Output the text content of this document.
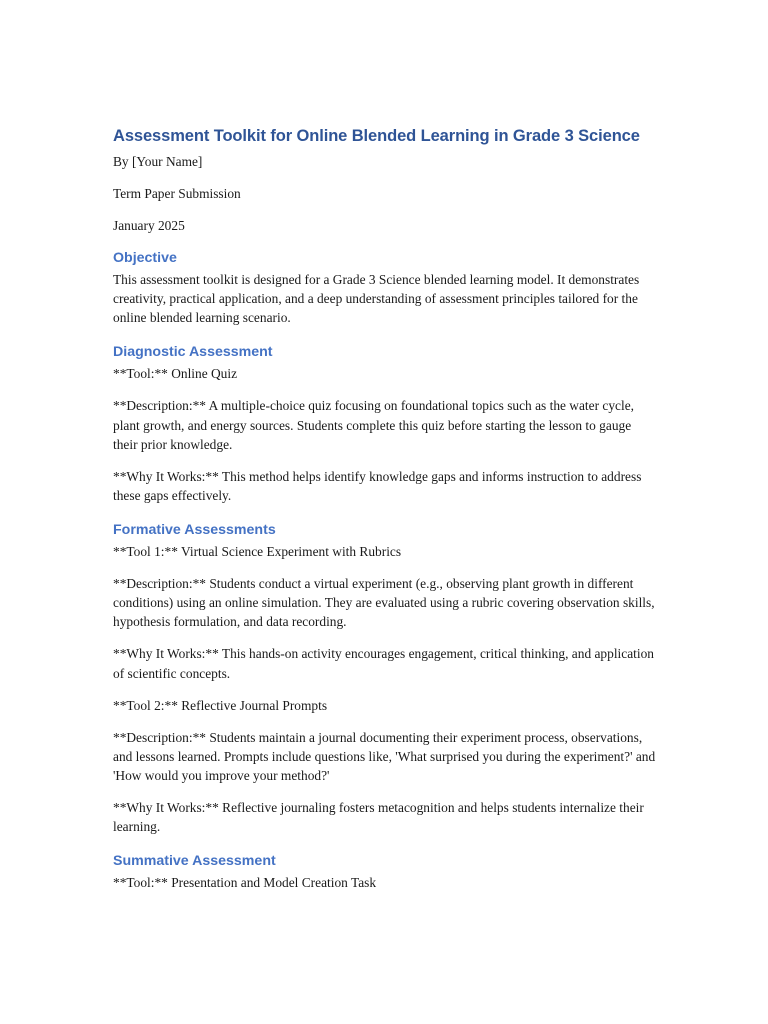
Assessment Toolkit for Online Blended Learning in Grade 3 Science

By [Your Name]

Term Paper Submission

January 2025

Objective

This assessment toolkit is designed for a Grade 3 Science blended learning model. It demonstrates creativity, practical application, and a deep understanding of assessment principles tailored for the online blended learning scenario.

Diagnostic Assessment

**Tool:** Online Quiz

**Description:** A multiple-choice quiz focusing on foundational topics such as the water cycle, plant growth, and energy sources. Students complete this quiz before starting the lesson to gauge their prior knowledge.

**Why It Works:** This method helps identify knowledge gaps and informs instruction to address these gaps effectively.

Formative Assessments

**Tool 1:** Virtual Science Experiment with Rubrics

**Description:** Students conduct a virtual experiment (e.g., observing plant growth in different conditions) using an online simulation. They are evaluated using a rubric covering observation skills, hypothesis formulation, and data recording.

**Why It Works:** This hands-on activity encourages engagement, critical thinking, and application of scientific concepts.

**Tool 2:** Reflective Journal Prompts

**Description:** Students maintain a journal documenting their experiment process, observations, and lessons learned. Prompts include questions like, 'What surprised you during the experiment?' and 'How would you improve your method?'

**Why It Works:** Reflective journaling fosters metacognition and helps students internalize their learning.

Summative Assessment

**Tool:** Presentation and Model Creation Task
